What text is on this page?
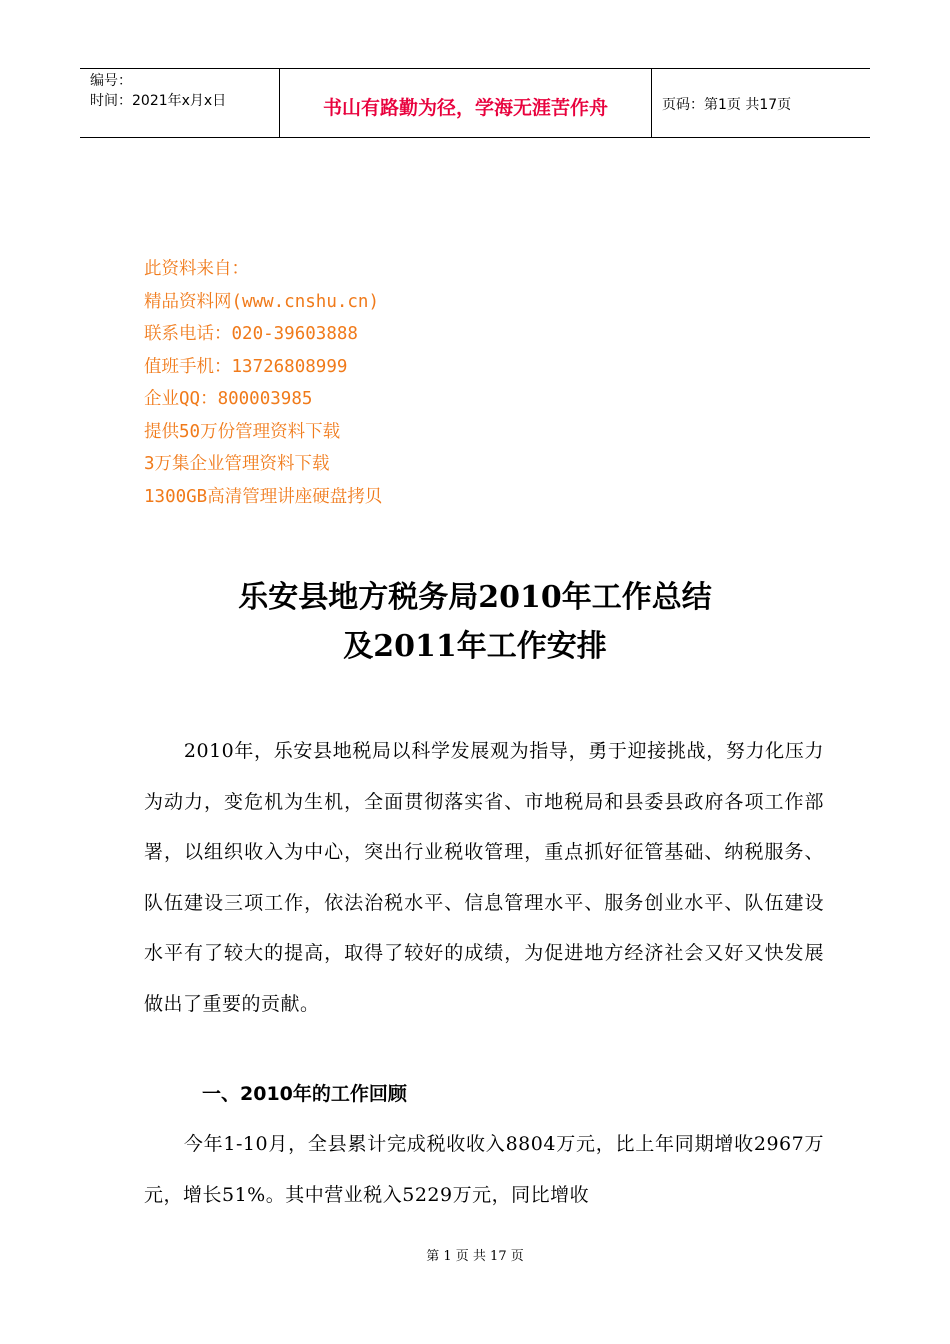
编号：
时间：2021年x月x日	书山有路勤为径，学海无涯苦作舟	页码：第1页 共17页
此资料来自：
精品资料网(www.cnshu.cn)
联系电话：020-39603888
值班手机：13726808999
企业QQ：800003985
提供50万份管理资料下载
3万集企业管理资料下载
1300GB高清管理讲座硬盘拷贝
乐安县地方税务局2010年工作总结
及2011年工作安排

2010年，乐安县地税局以科学发展观为指导，勇于迎接挑战，努力化压力为动力，变危机为生机，全面贯彻落实省、市地税局和县委县政府各项工作部署，以组织收入为中心，突出行业税收管理，重点抓好征管基础、纳税服务、队伍建设三项工作，依法治税水平、信息管理水平、服务创业水平、队伍建设水平有了较大的提高，取得了较好的成绩，为促进地方经济社会又好又快发展做出了重要的贡献。

一、2010年的工作回顾

今年1-10月，全县累计完成税收收入8804万元，比上年同期增收2967万元，增长51%。其中营业税入5229万元，同比增收

第 1 页 共 17 页
